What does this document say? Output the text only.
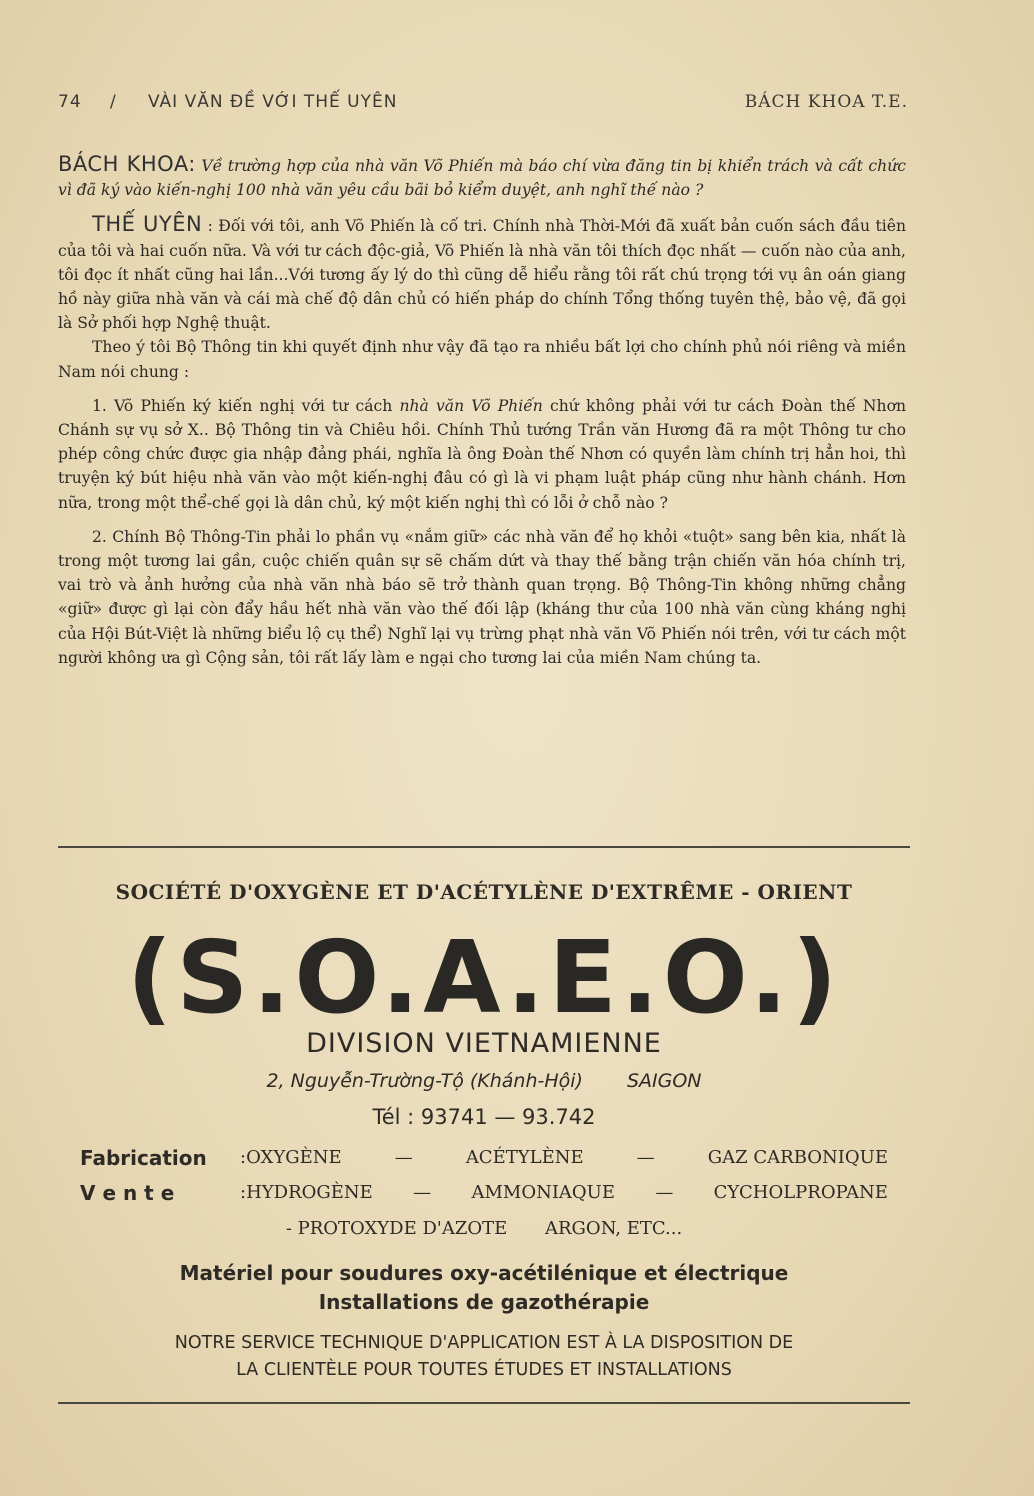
74 / VÀI VĂN ĐỀ VỚI THẾ UYÊN	BÁCH KHOA T.E.

BÁCH KHOA: Về trường hợp của nhà văn Võ Phiến mà báo chí vừa đăng tin bị khiển trách và cất chức vì đã ký vào kiến-nghị 100 nhà văn yêu cầu bãi bỏ kiểm duyệt, anh nghĩ thế nào ?

THẾ UYÊN : Đối với tôi, anh Võ Phiến là cố tri. Chính nhà Thời-Mới đã xuất bản cuốn sách đầu tiên của tôi và hai cuốn nữa. Và với tư cách độc-giả, Võ Phiến là nhà văn tôi thích đọc nhất — cuốn nào của anh, tôi đọc ít nhất cũng hai lần...Với tương ấy lý do thì cũng dễ hiểu rằng tôi rất chú trọng tới vụ ân oán giang hồ này giữa nhà văn và cái mà chế độ dân chủ có hiến pháp do chính Tổng thống tuyên thệ, bảo vệ, đã gọi là Sở phối hợp Nghệ thuật.

Theo ý tôi Bộ Thông tin khi quyết định như vậy đã tạo ra nhiều bất lợi cho chính phủ nói riêng và miền Nam nói chung :

1. Võ Phiến ký kiến nghị với tư cách nhà văn Võ Phiến chứ không phải với tư cách Đoàn thế Nhơn Chánh sự vụ sở X.. Bộ Thông tin và Chiêu hồi. Chính Thủ tướng Trần văn Hương đã ra một Thông tư cho phép công chức được gia nhập đảng phái, nghĩa là ông Đoàn thế Nhơn có quyền làm chính trị hẳn hoi, thì truyện ký bút hiệu nhà văn vào một kiến-nghị đâu có gì là vi phạm luật pháp cũng như hành chánh. Hơn nữa, trong một thể-chế gọi là dân chủ, ký một kiến nghị thì có lỗi ở chỗ nào ?

2. Chính Bộ Thông-Tin phải lo phần vụ «nắm giữ» các nhà văn để họ khỏi «tuột» sang bên kia, nhất là trong một tương lai gần, cuộc chiến quân sự sẽ chấm dứt và thay thế bằng trận chiến văn hóa chính trị, vai trò và ảnh hưởng của nhà văn nhà báo sẽ trở thành quan trọng. Bộ Thông-Tin không những chẳng «giữ» được gì lại còn đẩy hầu hết nhà văn vào thế đối lập (kháng thư của 100 nhà văn cùng kháng nghị của Hội Bút-Việt là những biểu lộ cụ thể) Nghĩ lại vụ trừng phạt nhà văn Võ Phiến nói trên, với tư cách một người không ưa gì Cộng sản, tôi rất lấy làm e ngại cho tương lai của miền Nam chúng ta.

SOCIÉTÉ D'OXYGÈNE ET D'ACÉTYLÈNE D'EXTRÊME - ORIENT
(S.O.A.E.O.)
DIVISION VIETNAMIENNE
2, Nguyễn-Trường-Tộ (Khánh-Hội) SAIGON
Tél : 93741 — 93.742
Fabrication :OXYGÈNE	—	ACÉTYLÈNE	—	GAZ CARBONIQUE
V e n t e	:HYDROGÈNE — AMMONIAQUE — CYCHOLPROPANE
- PROTOXYDE D'AZOTE ARGON, ETC...
Matériel pour soudures oxy-acétilénique et électrique
Installations de gazothérapie
NOTRE SERVICE TECHNIQUE D'APPLICATION EST À LA DISPOSITION DE
LA CLIENTÈLE POUR TOUTES ÉTUDES ET INSTALLATIONS
